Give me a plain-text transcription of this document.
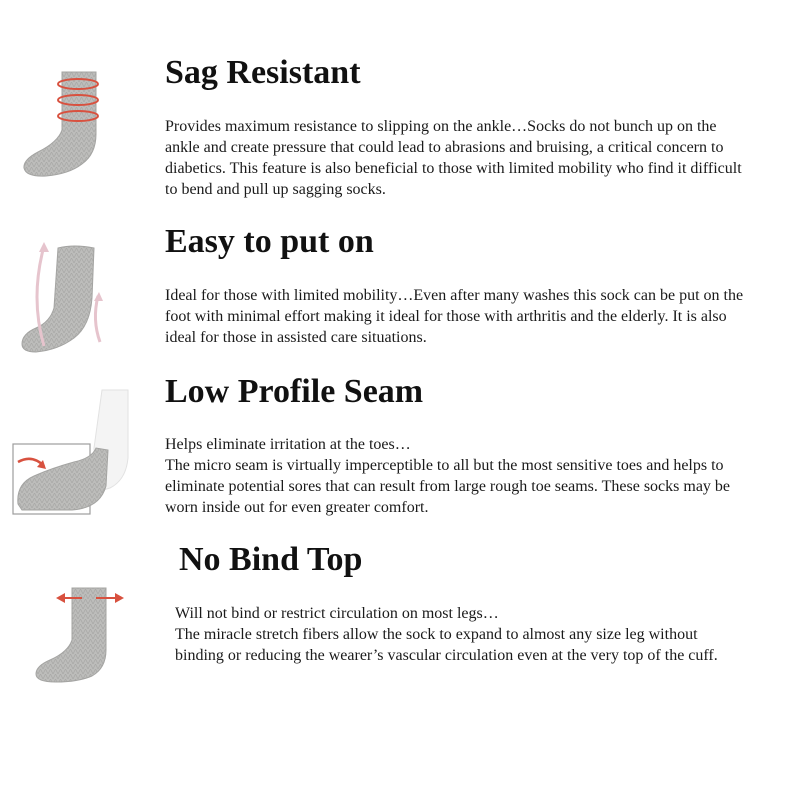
Sag Resistant

Provides maximum resistance to slipping on the ankle…Socks do not bunch up on the ankle and create pressure that could lead to abrasions and bruising, a critical concern to diabetics. This feature is also beneficial to those with limited mobility who find it difficult to bend and pull up sagging socks.

Easy to put on

Ideal for those with limited mobility…Even after many washes this sock can be put on the foot with minimal effort making it ideal for those with arthritis and the elderly. It is also ideal for those in assisted care situations.

Low Profile Seam

Helps eliminate irritation at the toes…

The micro seam is virtually imperceptible to all but the most sensitive toes and helps to eliminate potential sores that can result from large rough toe seams. These socks may be worn inside out for even greater comfort.

No Bind Top

Will not bind or restrict circulation on most legs…

The miracle stretch fibers allow the sock to expand to almost any size leg without binding or reducing the wearer’s vascular circulation even at the very top of the cuff.
